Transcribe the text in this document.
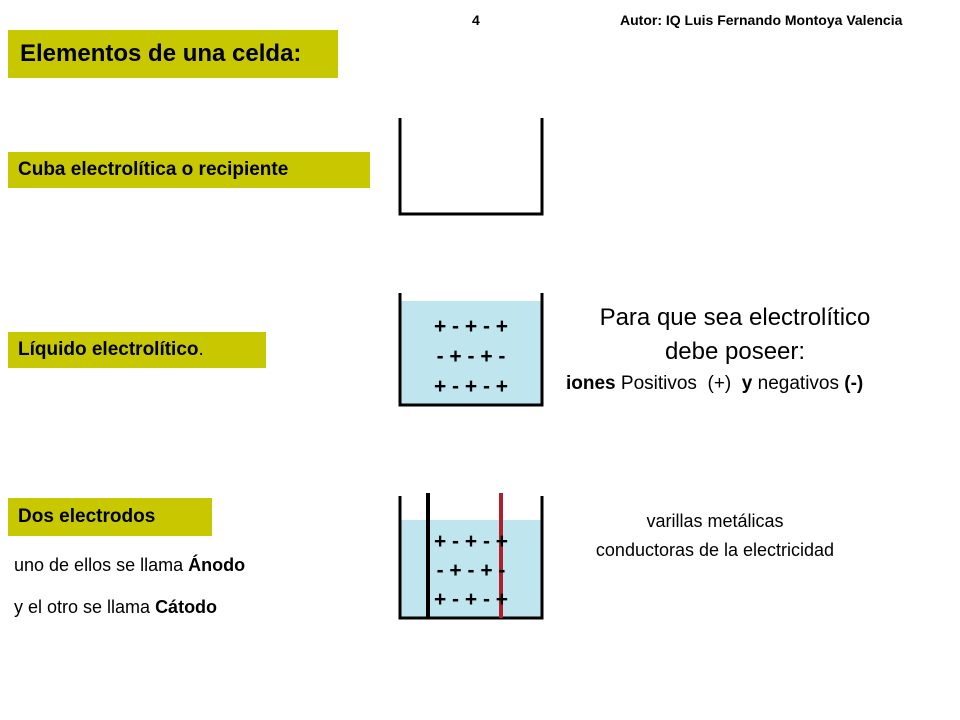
4	Autor: IQ Luis Fernando Montoya Valencia
Elementos de una celda:
Cuba electrolítica o recipiente
Líquido electrolítico .
+ - + - +
- + - + -
+ - + - +
Para que sea electrolítico
debe poseer:
iones Positivos  (+)  y negativos (-)
Dos electrodos
uno de ellos se llama Ánodo
y el otro se llama Cátodo
+ - + - +
- + - + -
+ - + - +
varillas metálicas
conductoras de la electricidad
